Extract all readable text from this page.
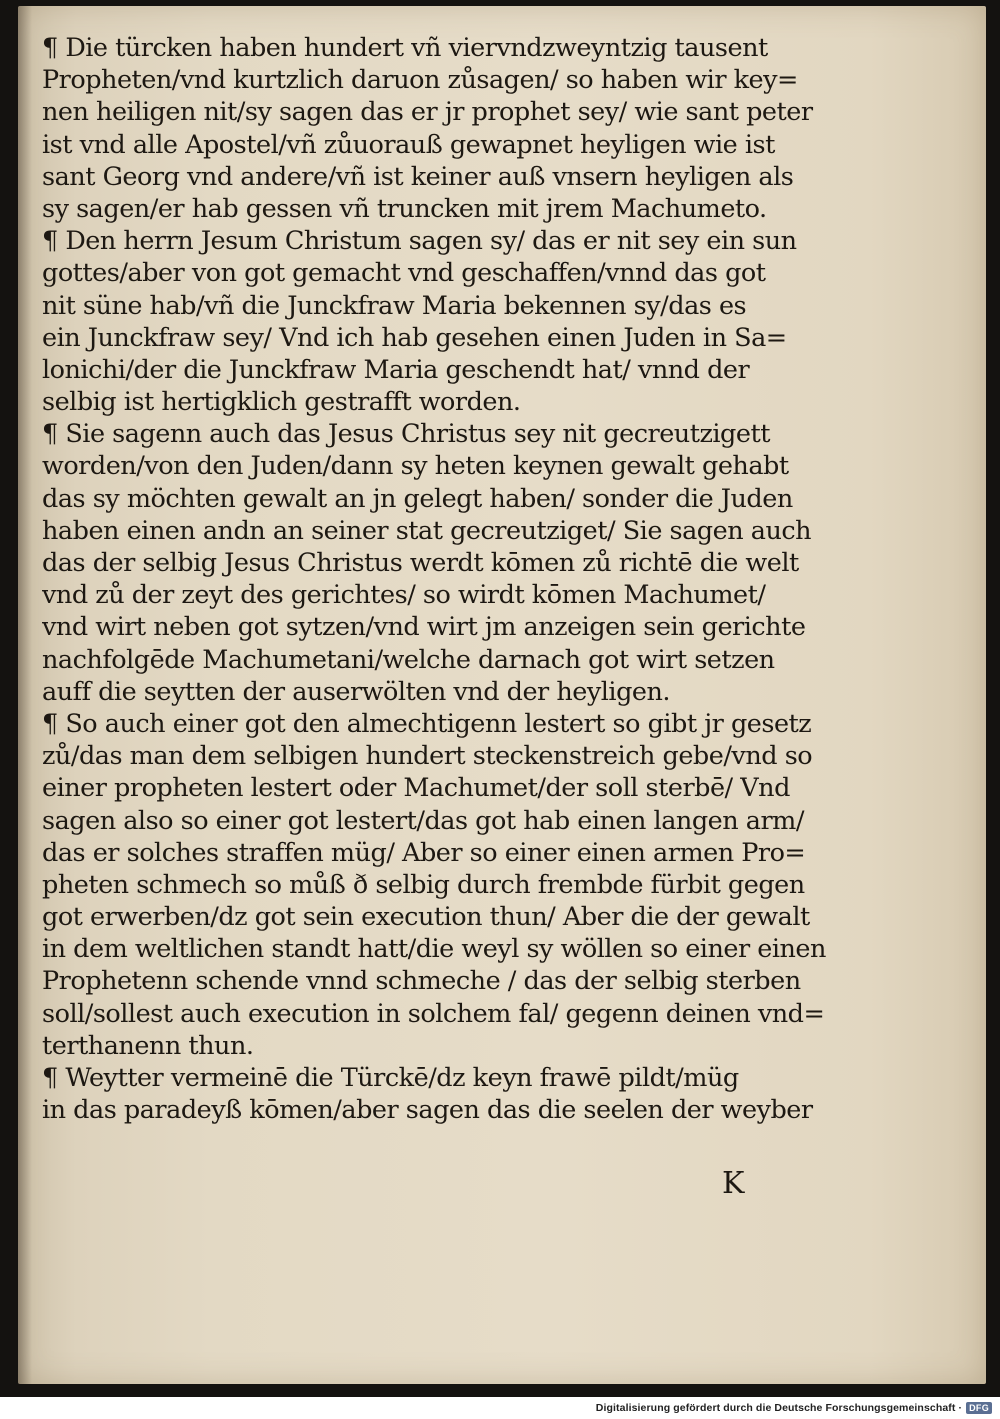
¶ Die türcken haben hundert vñ viervndzweyntzig tausent
Propheten/vnd kurtzlich daruon zůsagen/ so haben wir key=
nen heiligen nit/sy sagen das er jr prophet sey/ wie sant peter
ist vnd alle Apostel/vñ zůuorauß gewapnet heyligen wie ist
sant Georg vnd andere/vñ ist keiner auß vnsern heyligen als
sy sagen/er hab gessen vñ truncken mit jrem Machumeto.
¶ Den herrn Jesum Christum sagen sy/ das er nit sey ein sun
gottes/aber von got gemacht vnd geschaffen/vnnd das got
nit süne hab/vñ die Junckfraw Maria bekennen sy/das es
ein Junckfraw sey/ Vnd ich hab gesehen einen Juden in Sa=
lonichi/der die Junckfraw Maria geschendt hat/ vnnd der
selbig ist hertigklich gestrafft worden.
¶ Sie sagenn auch das Jesus Christus sey nit gecreutzigett
worden/von den Juden/dann sy heten keynen gewalt gehabt
das sy möchten gewalt an jn gelegt haben/ sonder die Juden
haben einen andn an seiner stat gecreutziget/ Sie sagen auch
das der selbig Jesus Christus werdt kōmen zů richtē die welt
vnd zů der zeyt des gerichtes/ so wirdt kōmen Machumet/
vnd wirt neben got sytzen/vnd wirt jm anzeigen sein gerichte
nachfolgēde Machumetani/welche darnach got wirt setzen
auff die seytten der auserwölten vnd der heyligen.
¶ So auch einer got den almechtigenn lestert so gibt jr gesetz
zů/das man dem selbigen hundert steckenstreich gebe/vnd so
einer propheten lestert oder Machumet/der soll sterbē/ Vnd
sagen also so einer got lestert/das got hab einen langen arm/
das er solches straffen müg/ Aber so einer einen armen Pro=
pheten schmech so můß ð selbig durch frembde fürbit gegen
got erwerben/dz got sein execution thun/ Aber die der gewalt
in dem weltlichen standt hatt/die weyl sy wöllen so einer einen
Prophetenn schende vnnd schmeche / das der selbig sterben
soll/sollest auch execution in solchem fal/ gegenn deinen vnd=
terthanenn thun.
¶ Weytter vermeinē die Türckē/dz keyn frawē pildt/müg
in das paradeyß kōmen/aber sagen das die seelen der weyber
K
Digitalisierung gefördert durch die Deutsche Forschungsgemeinschaft · DFG
